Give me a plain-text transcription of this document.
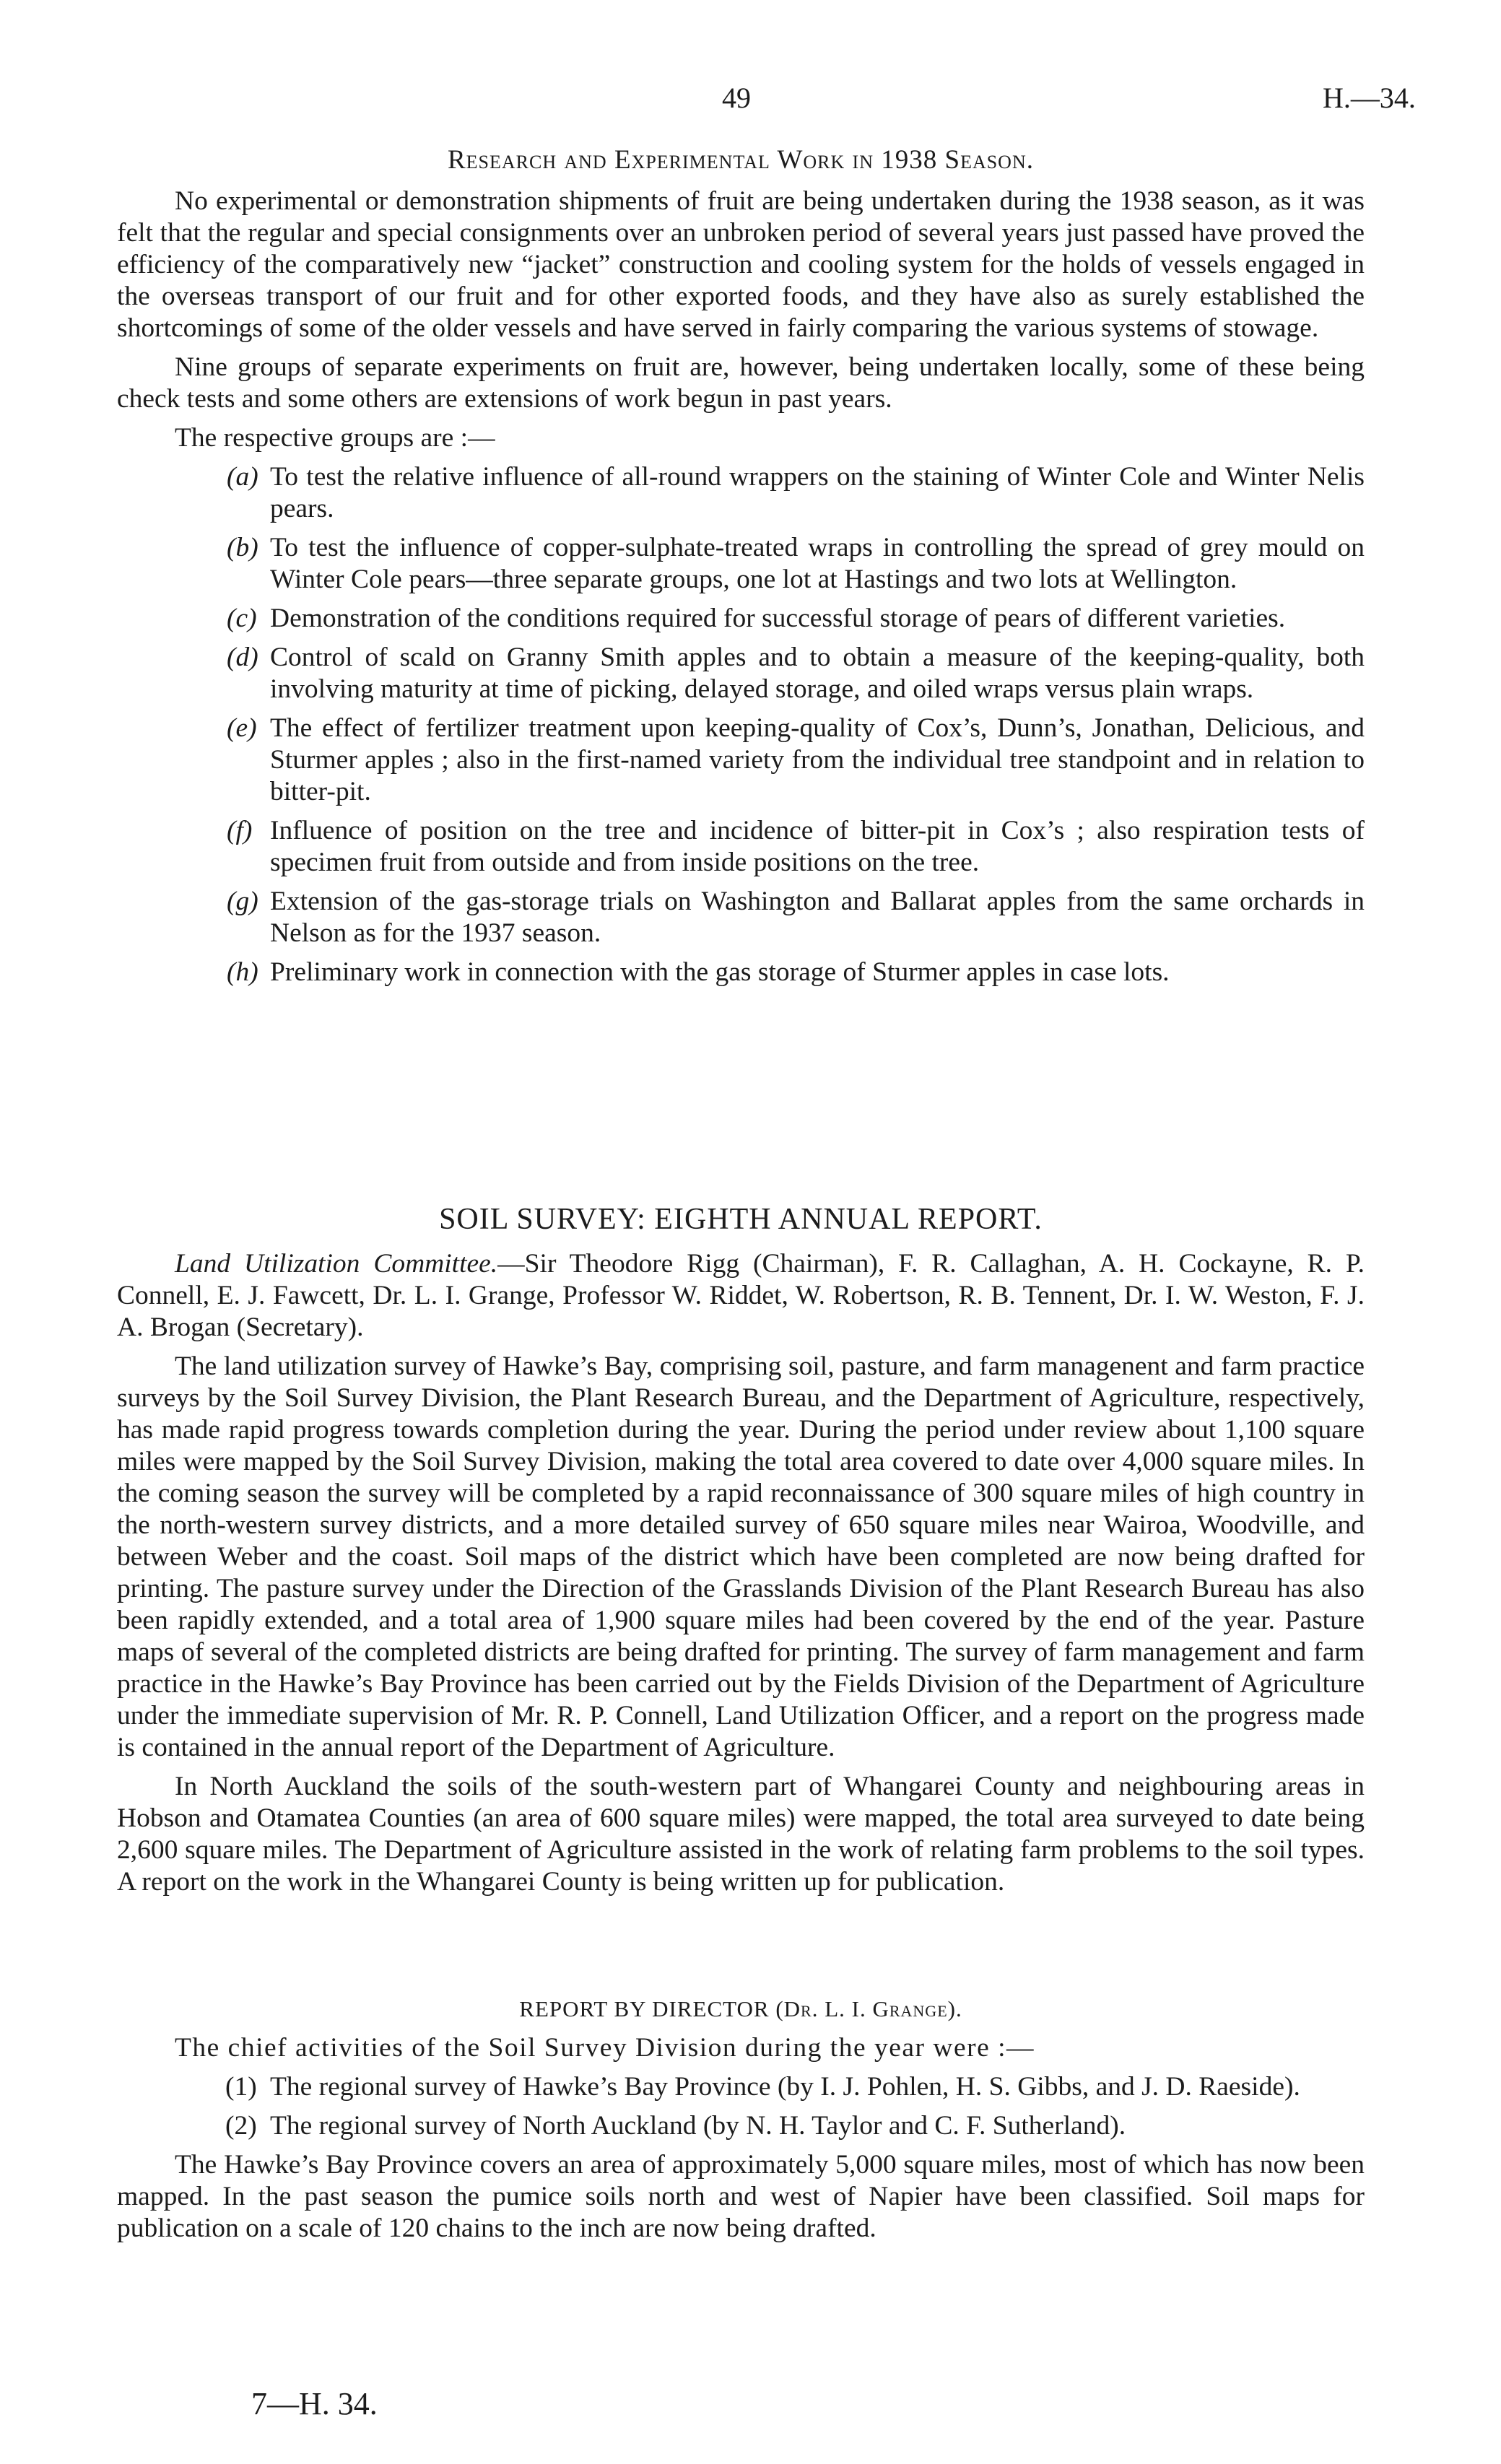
49	H.—34.
Research and Experimental Work in 1938 Season.

No experimental or demonstration shipments of fruit are being undertaken during the 1938 season, as it was felt that the regular and special consignments over an unbroken period of several years just passed have proved the efficiency of the comparatively new “jacket” construction and cooling system for the holds of vessels engaged in the overseas transport of our fruit and for other exported foods, and they have also as surely established the shortcomings of some of the older vessels and have served in fairly comparing the various systems of stowage.

Nine groups of separate experiments on fruit are, however, being undertaken locally, some of these being check tests and some others are extensions of work begun in past years.

The respective groups are :—

(a) To test the relative influence of all-round wrappers on the staining of Winter Cole and Winter Nelis pears.
(b) To test the influence of copper-sulphate-treated wraps in controlling the spread of grey mould on Winter Cole pears—three separate groups, one lot at Hastings and two lots at Wellington.
(c) Demonstration of the conditions required for successful storage of pears of different varieties.
(d) Control of scald on Granny Smith apples and to obtain a measure of the keeping-quality, both involving maturity at time of picking, delayed storage, and oiled wraps versus plain wraps.
(e) The effect of fertilizer treatment upon keeping-quality of Cox’s, Dunn’s, Jonathan, Delicious, and Sturmer apples ; also in the first-named variety from the individual tree standpoint and in relation to bitter-pit.
(f) Influence of position on the tree and incidence of bitter-pit in Cox’s ; also respiration tests of specimen fruit from outside and from inside positions on the tree.
(g) Extension of the gas-storage trials on Washington and Ballarat apples from the same orchards in Nelson as for the 1937 season.
(h) Preliminary work in connection with the gas storage of Sturmer apples in case lots.
SOIL SURVEY: EIGHTH ANNUAL REPORT.

Land Utilization Committee.—Sir Theodore Rigg (Chairman), F. R. Callaghan, A. H. Cockayne, R. P. Connell, E. J. Fawcett, Dr. L. I. Grange, Professor W. Riddet, W. Robertson, R. B. Tennent, Dr. I. W. Weston, F. J. A. Brogan (Secretary).

The land utilization survey of Hawke’s Bay, comprising soil, pasture, and farm managenent and farm practice surveys by the Soil Survey Division, the Plant Research Bureau, and the Department of Agriculture, respectively, has made rapid progress towards completion during the year. During the period under review about 1,100 square miles were mapped by the Soil Survey Division, making the total area covered to date over 4,000 square miles. In the coming season the survey will be completed by a rapid reconnaissance of 300 square miles of high country in the north-western survey districts, and a more detailed survey of 650 square miles near Wairoa, Woodville, and between Weber and the coast. Soil maps of the district which have been completed are now being drafted for printing. The pasture survey under the Direction of the Grasslands Division of the Plant Research Bureau has also been rapidly extended, and a total area of 1,900 square miles had been covered by the end of the year. Pasture maps of several of the completed districts are being drafted for printing. The survey of farm management and farm practice in the Hawke’s Bay Province has been carried out by the Fields Division of the Department of Agriculture under the immediate supervision of Mr. R. P. Connell, Land Utilization Officer, and a report on the progress made is contained in the annual report of the Department of Agriculture.

In North Auckland the soils of the south-western part of Whangarei County and neighbouring areas in Hobson and Otamatea Counties (an area of 600 square miles) were mapped, the total area surveyed to date being 2,600 square miles. The Department of Agriculture assisted in the work of relating farm problems to the soil types. A report on the work in the Whangarei County is being written up for publication.

REPORT BY DIRECTOR (Dr. L. I. Grange).

The chief activities of the Soil Survey Division during the year were :—

(1) The regional survey of Hawke’s Bay Province (by I. J. Pohlen, H. S. Gibbs, and J. D. Raeside).
(2) The regional survey of North Auckland (by N. H. Taylor and C. F. Sutherland).

The Hawke’s Bay Province covers an area of approximately 5,000 square miles, most of which has now been mapped. In the past season the pumice soils north and west of Napier have been classified. Soil maps for publication on a scale of 120 chains to the inch are now being drafted.

7—H. 34.
